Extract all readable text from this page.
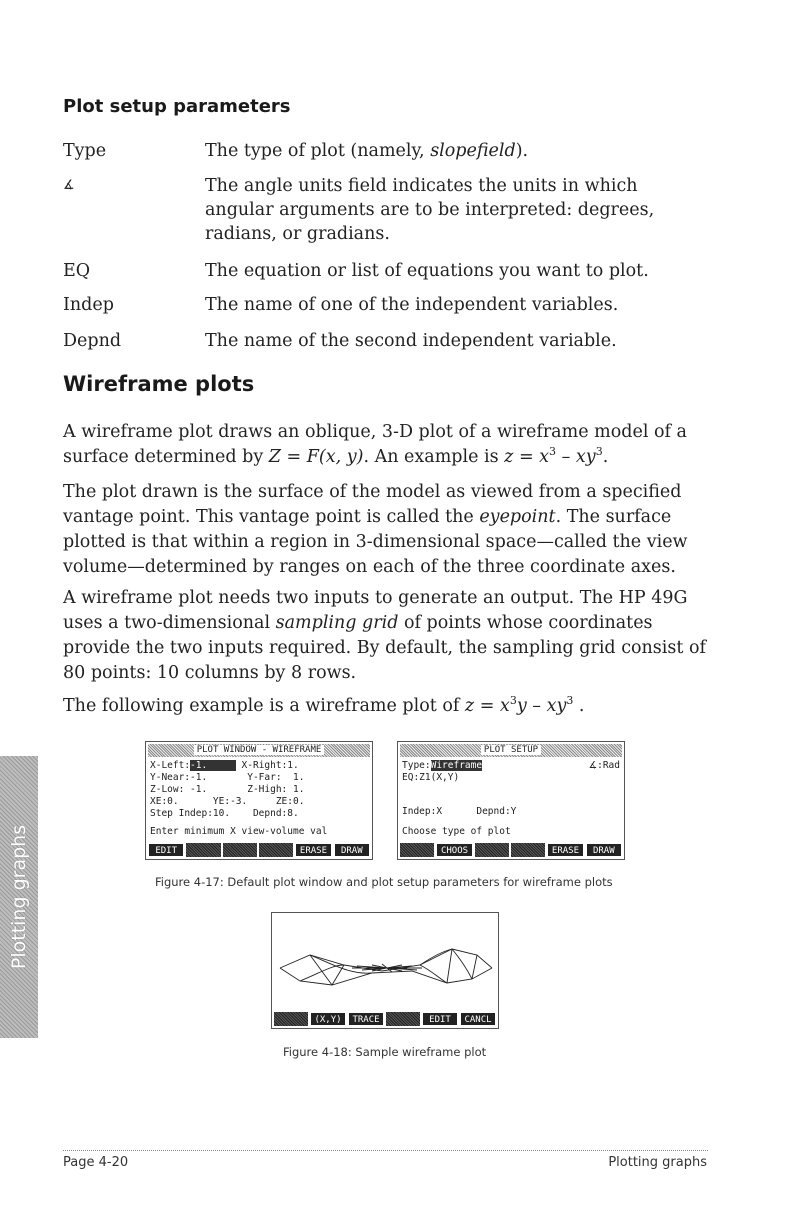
Plot setup parameters
Type	The type of plot (namely, slopefield).
∡	The angle units field indicates the units in which angular arguments are to be interpreted: degrees, radians, or gradians.
EQ	The equation or list of equations you want to plot.
Indep	The name of one of the independent variables.
Depnd	The name of the second independent variable.
Wireframe plots
A wireframe plot draws an oblique, 3-D plot of a wireframe model of a surface determined by Z = F(x, y). An example is $z = x^3 - xy^3$.
The plot drawn is the surface of the model as viewed from a specified vantage point. This vantage point is called the eyepoint. The surface plotted is that within a region in 3-dimensional space—called the view volume—determined by ranges on each of the three coordinate axes.
A wireframe plot needs two inputs to generate an output. The HP 49G uses a two-dimensional sampling grid of points whose coordinates provide the two inputs required. By default, the sampling grid consist of 80 points: 10 columns by 8 rows.
The following example is a wireframe plot of $z = x^3y - xy^3$ .
Plotting graphs
PLOT WINDOW - WIREFRAME
X-Left:-1.      X-Right:1.
Y-Near:-1.       Y-Far:  1.
Z-Low: -1.       Z-High: 1.
XE:0.      YE:-3.     ZE:0.
Step Indep:10.    Depnd:8.
Enter minimum X view-volume val
EDIT	ERASE	DRAW
PLOT SETUP
Type:Wireframe	∡:Rad
EQ:Z1(X,Y)
Indep:X      Depnd:Y
Choose type of plot
CHOOS	ERASE	DRAW
Figure 4-17: Default plot window and plot setup parameters for wireframe plots
(X,Y)	TRACE	EDIT	CANCL
Figure 4-18: Sample wireframe plot
Page 4-20	Plotting graphs
